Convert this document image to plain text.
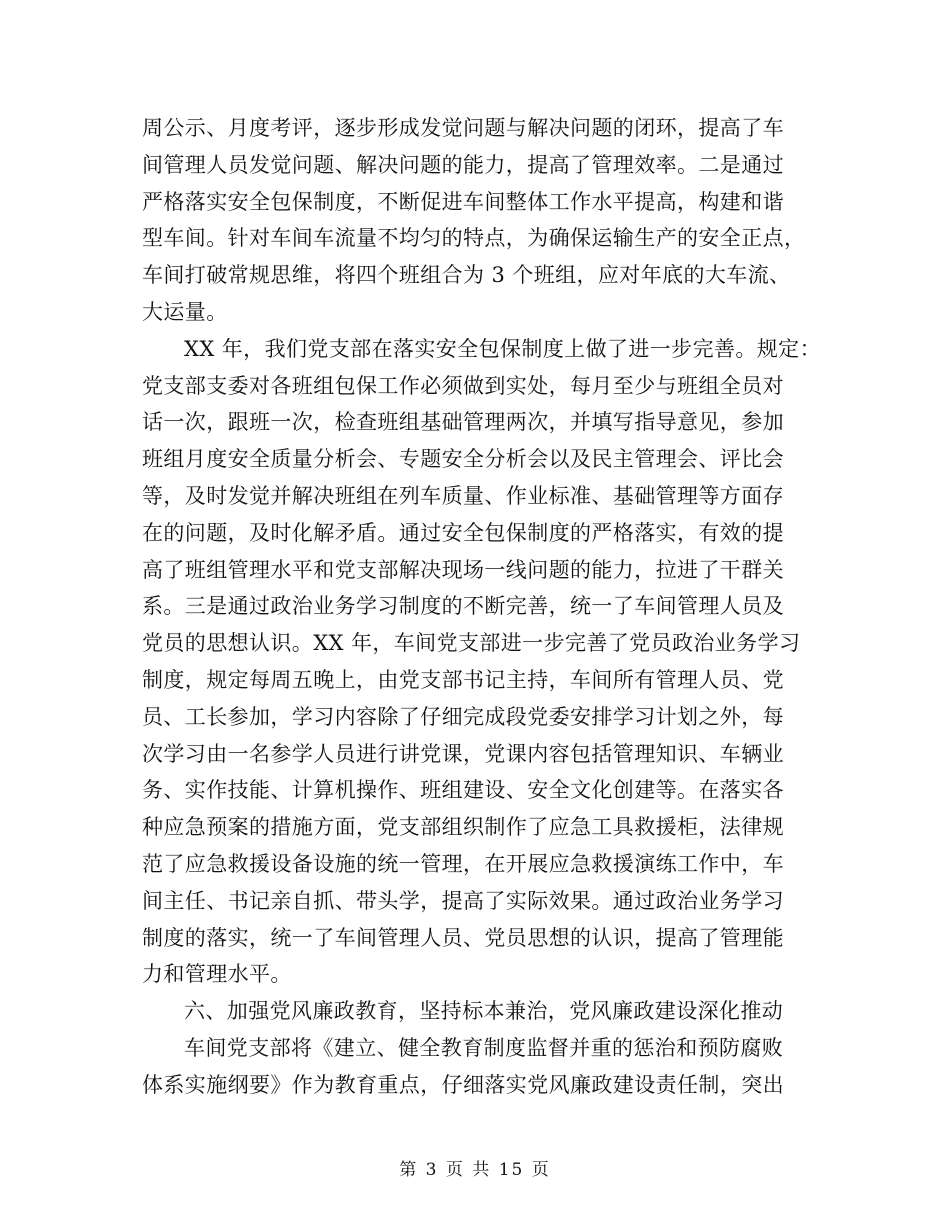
周公示、月度考评，逐步形成发觉问题与解决问题的闭环，提高了车
间管理人员发觉问题、解决问题的能力，提高了管理效率。二是通过
严格落实安全包保制度，不断促进车间整体工作水平提高，构建和谐
型车间。针对车间车流量不均匀的特点，为确保运输生产的安全正点，
车间打破常规思维，将四个班组合为 3 个班组，应对年底的大车流、
大运量。
XX 年，我们党支部在落实安全包保制度上做了进一步完善。规定：
党支部支委对各班组包保工作必须做到实处，每月至少与班组全员对
话一次，跟班一次，检查班组基础管理两次，并填写指导意见，参加
班组月度安全质量分析会、专题安全分析会以及民主管理会、评比会
等，及时发觉并解决班组在列车质量、作业标准、基础管理等方面存
在的问题，及时化解矛盾。通过安全包保制度的严格落实，有效的提
高了班组管理水平和党支部解决现场一线问题的能力，拉进了干群关
系。三是通过政治业务学习制度的不断完善，统一了车间管理人员及
党员的思想认识。XX 年，车间党支部进一步完善了党员政治业务学习
制度，规定每周五晚上，由党支部书记主持，车间所有管理人员、党
员、工长参加，学习内容除了仔细完成段党委安排学习计划之外，每
次学习由一名参学人员进行讲党课，党课内容包括管理知识、车辆业
务、实作技能、计算机操作、班组建设、安全文化创建等。在落实各
种应急预案的措施方面，党支部组织制作了应急工具救援柜，法律规
范了应急救援设备设施的统一管理，在开展应急救援演练工作中，车
间主任、书记亲自抓、带头学，提高了实际效果。通过政治业务学习
制度的落实，统一了车间管理人员、党员思想的认识，提高了管理能
力和管理水平。
六、加强党风廉政教育，坚持标本兼治，党风廉政建设深化推动
车间党支部将《建立、健全教育制度监督并重的惩治和预防腐败
体系实施纲要》作为教育重点，仔细落实党风廉政建设责任制，突出
第 3 页 共 15 页
